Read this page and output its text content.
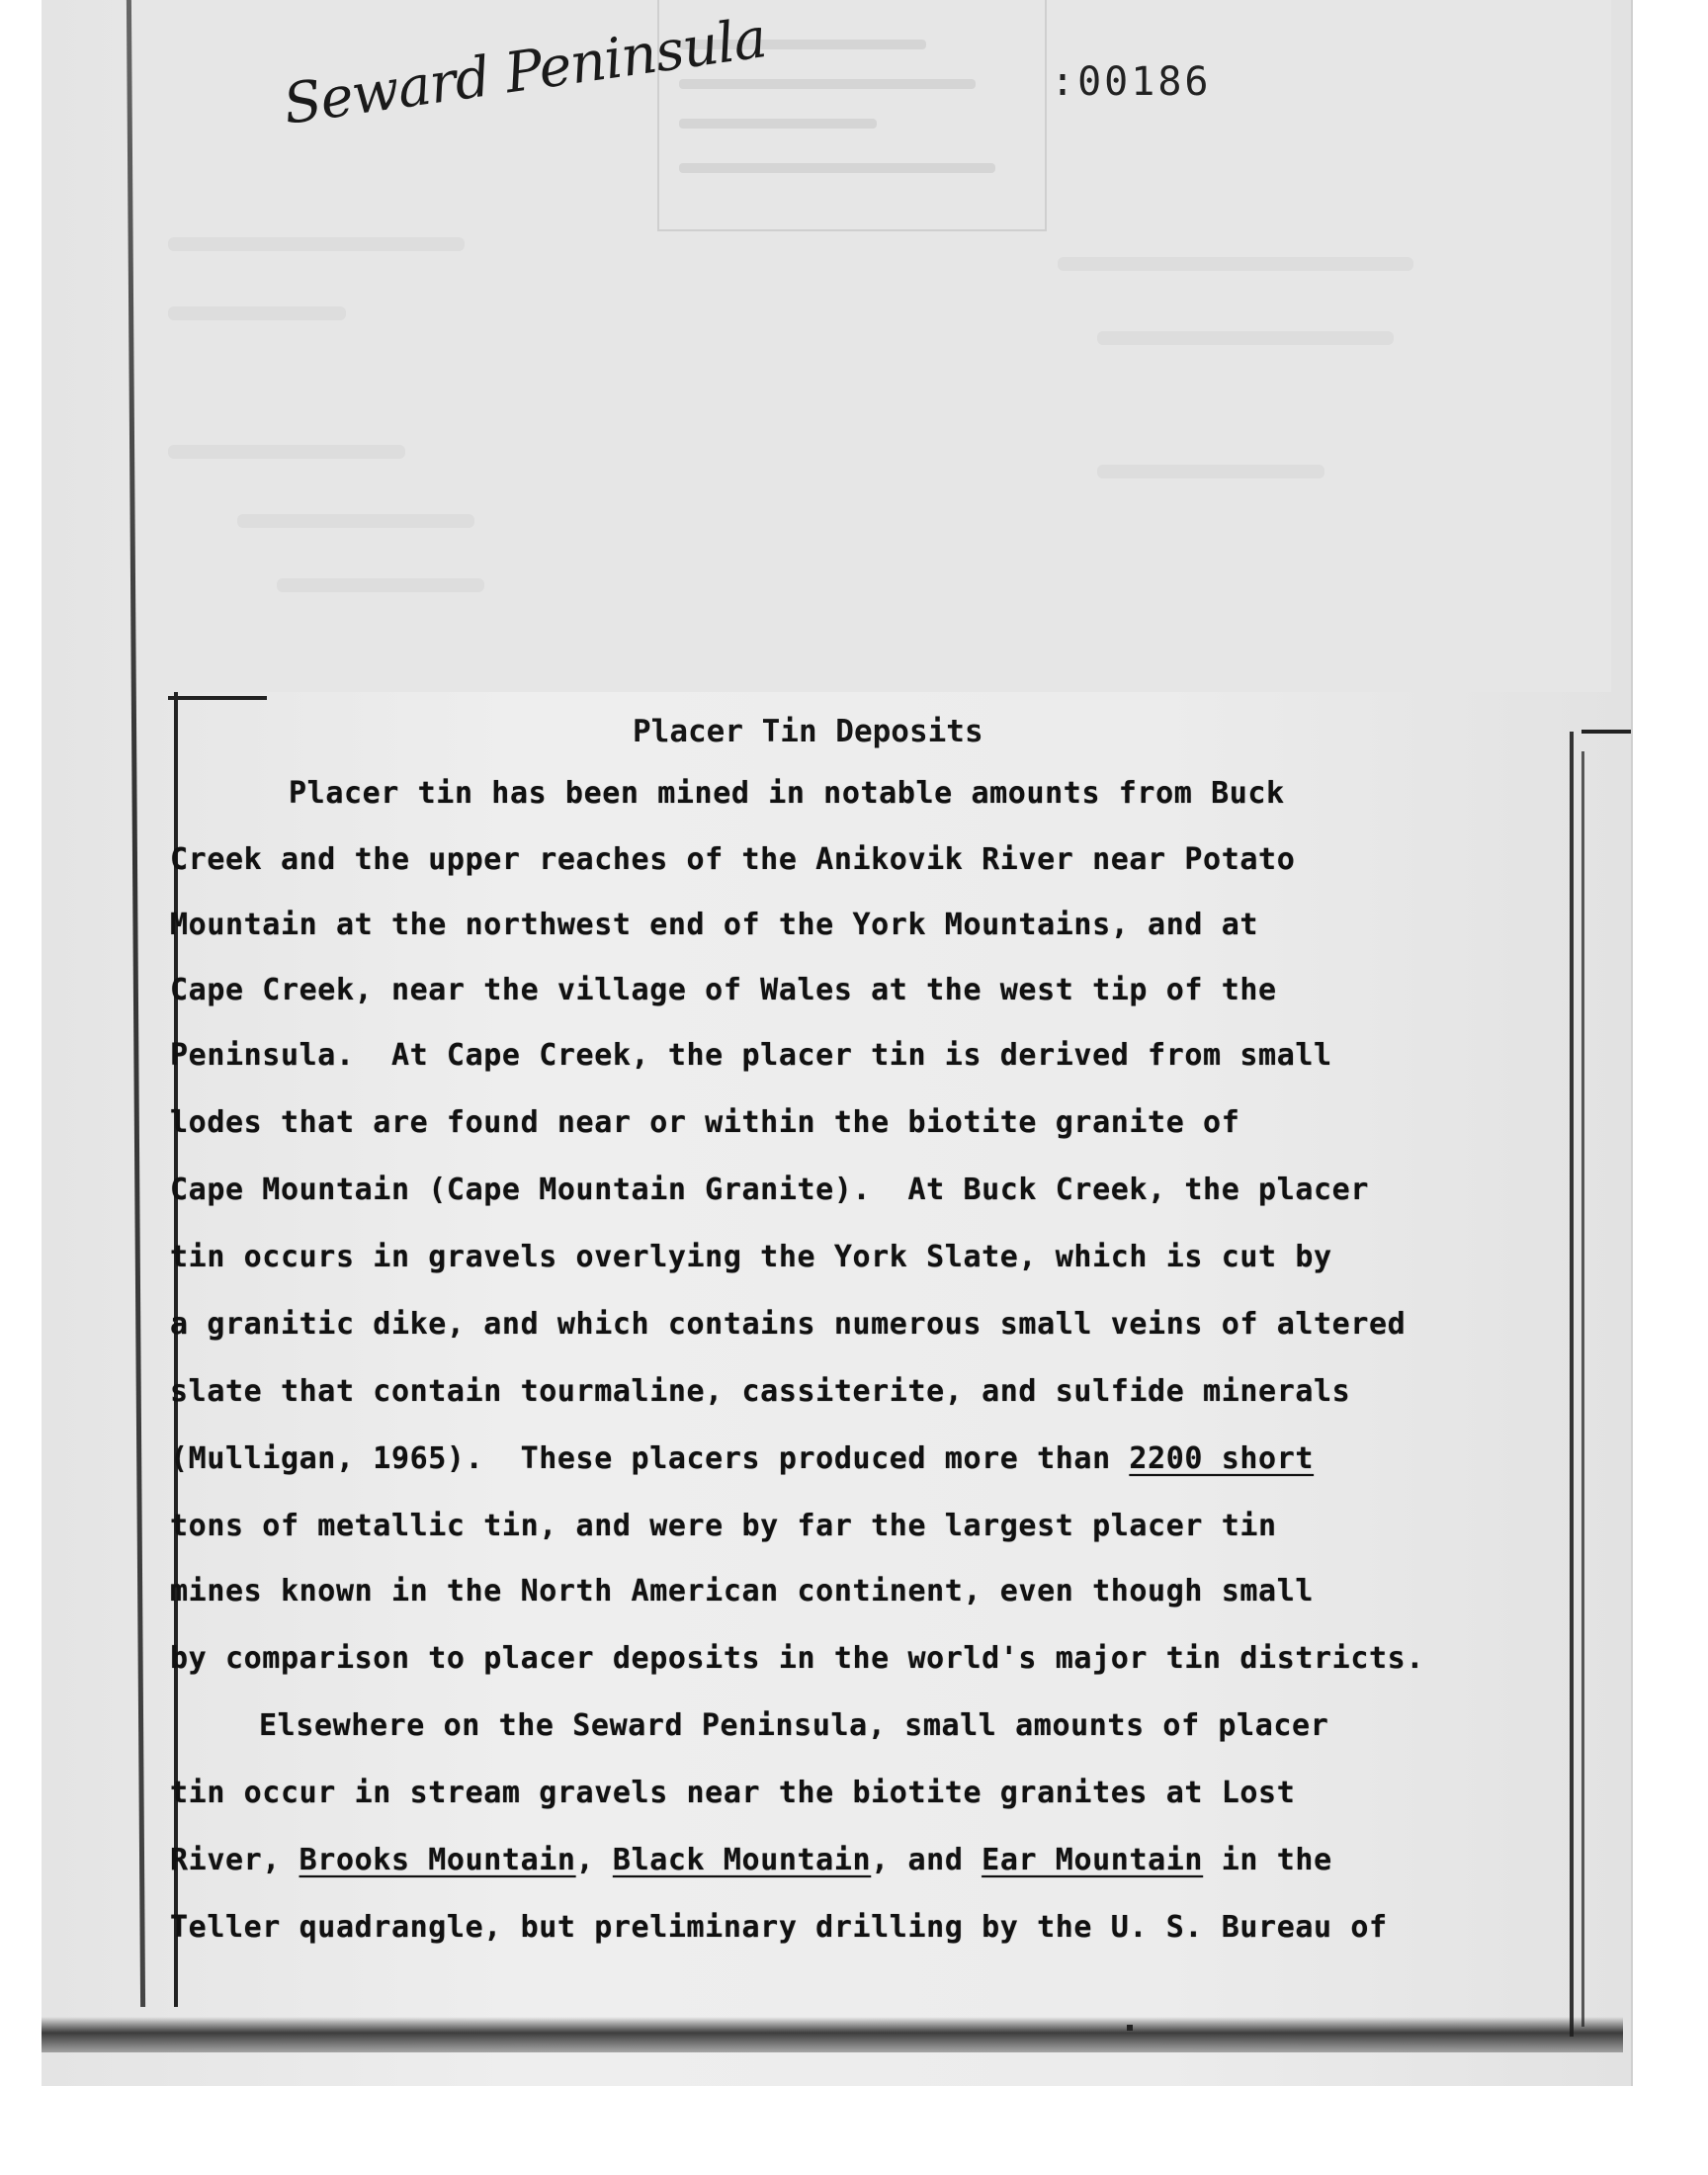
Seward Peninsula	:00186
Placer Tin Deposits
Placer tin has been mined in notable amounts from Buck
Creek and the upper reaches of the Anikovik River near Potato
Mountain at the northwest end of the York Mountains, and at
Cape Creek, near the village of Wales at the west tip of the
Peninsula.  At Cape Creek, the placer tin is derived from small
lodes that are found near or within the biotite granite of
Cape Mountain (Cape Mountain Granite).  At Buck Creek, the placer
tin occurs in gravels overlying the York Slate, which is cut by
a granitic dike, and which contains numerous small veins of altered
slate that contain tourmaline, cassiterite, and sulfide minerals
(Mulligan, 1965).  These placers produced more than 2200 short
tons of metallic tin, and were by far the largest placer tin
mines known in the North American continent, even though small
by comparison to placer deposits in the world's major tin districts.
Elsewhere on the Seward Peninsula, small amounts of placer
tin occur in stream gravels near the biotite granites at Lost
River, Brooks Mountain, Black Mountain, and Ear Mountain in the
Teller quadrangle, but preliminary drilling by the U. S. Bureau of
